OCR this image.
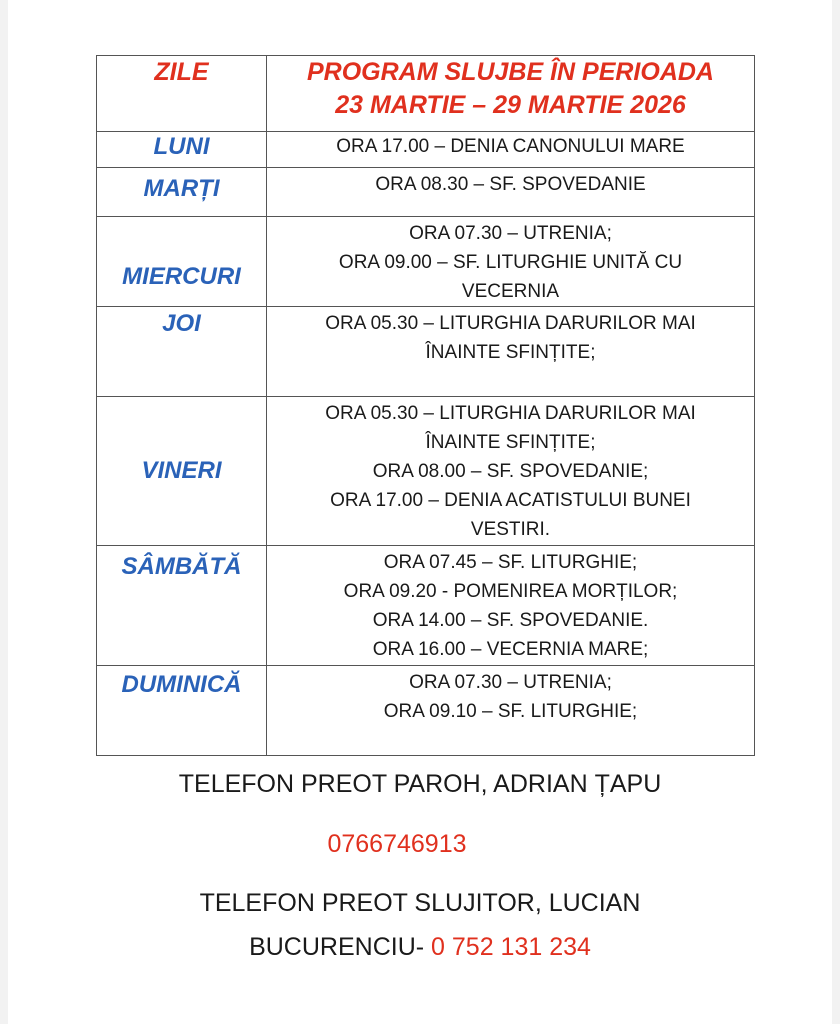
ZILE	PROGRAM SLUJBE ÎN PERIOADA
23 MARTIE – 29 MARTIE 2026

LUNI	ORA 17.00 – DENIA CANONULUI MARE

MARȚI	ORA 08.30 – SF. SPOVEDANIE

MIERCURI	ORA 07.30 – UTRENIA;
ORA 09.00 – SF. LITURGHIE UNITĂ CU
VECERNIA

JOI	ORA 05.30 – LITURGHIA DARURILOR MAI
ÎNAINTE SFINȚITE;

VINERI	ORA 05.30 – LITURGHIA DARURILOR MAI
ÎNAINTE SFINȚITE;
ORA 08.00 – SF. SPOVEDANIE;
ORA 17.00 – DENIA ACATISTULUI BUNEI
VESTIRI.

SÂMBĂTĂ	ORA 07.45 – SF. LITURGHIE;
ORA 09.20 - POMENIREA MORȚILOR;
ORA 14.00 – SF. SPOVEDANIE.
ORA 16.00 – VECERNIA MARE;

DUMINICĂ	ORA 07.30 – UTRENIA;
ORA 09.10 – SF. LITURGHIE;
TELEFON PREOT PAROH, ADRIAN ȚAPU
0766746913
TELEFON PREOT SLUJITOR, LUCIAN
BUCURENCIU- 0 752 131 234
